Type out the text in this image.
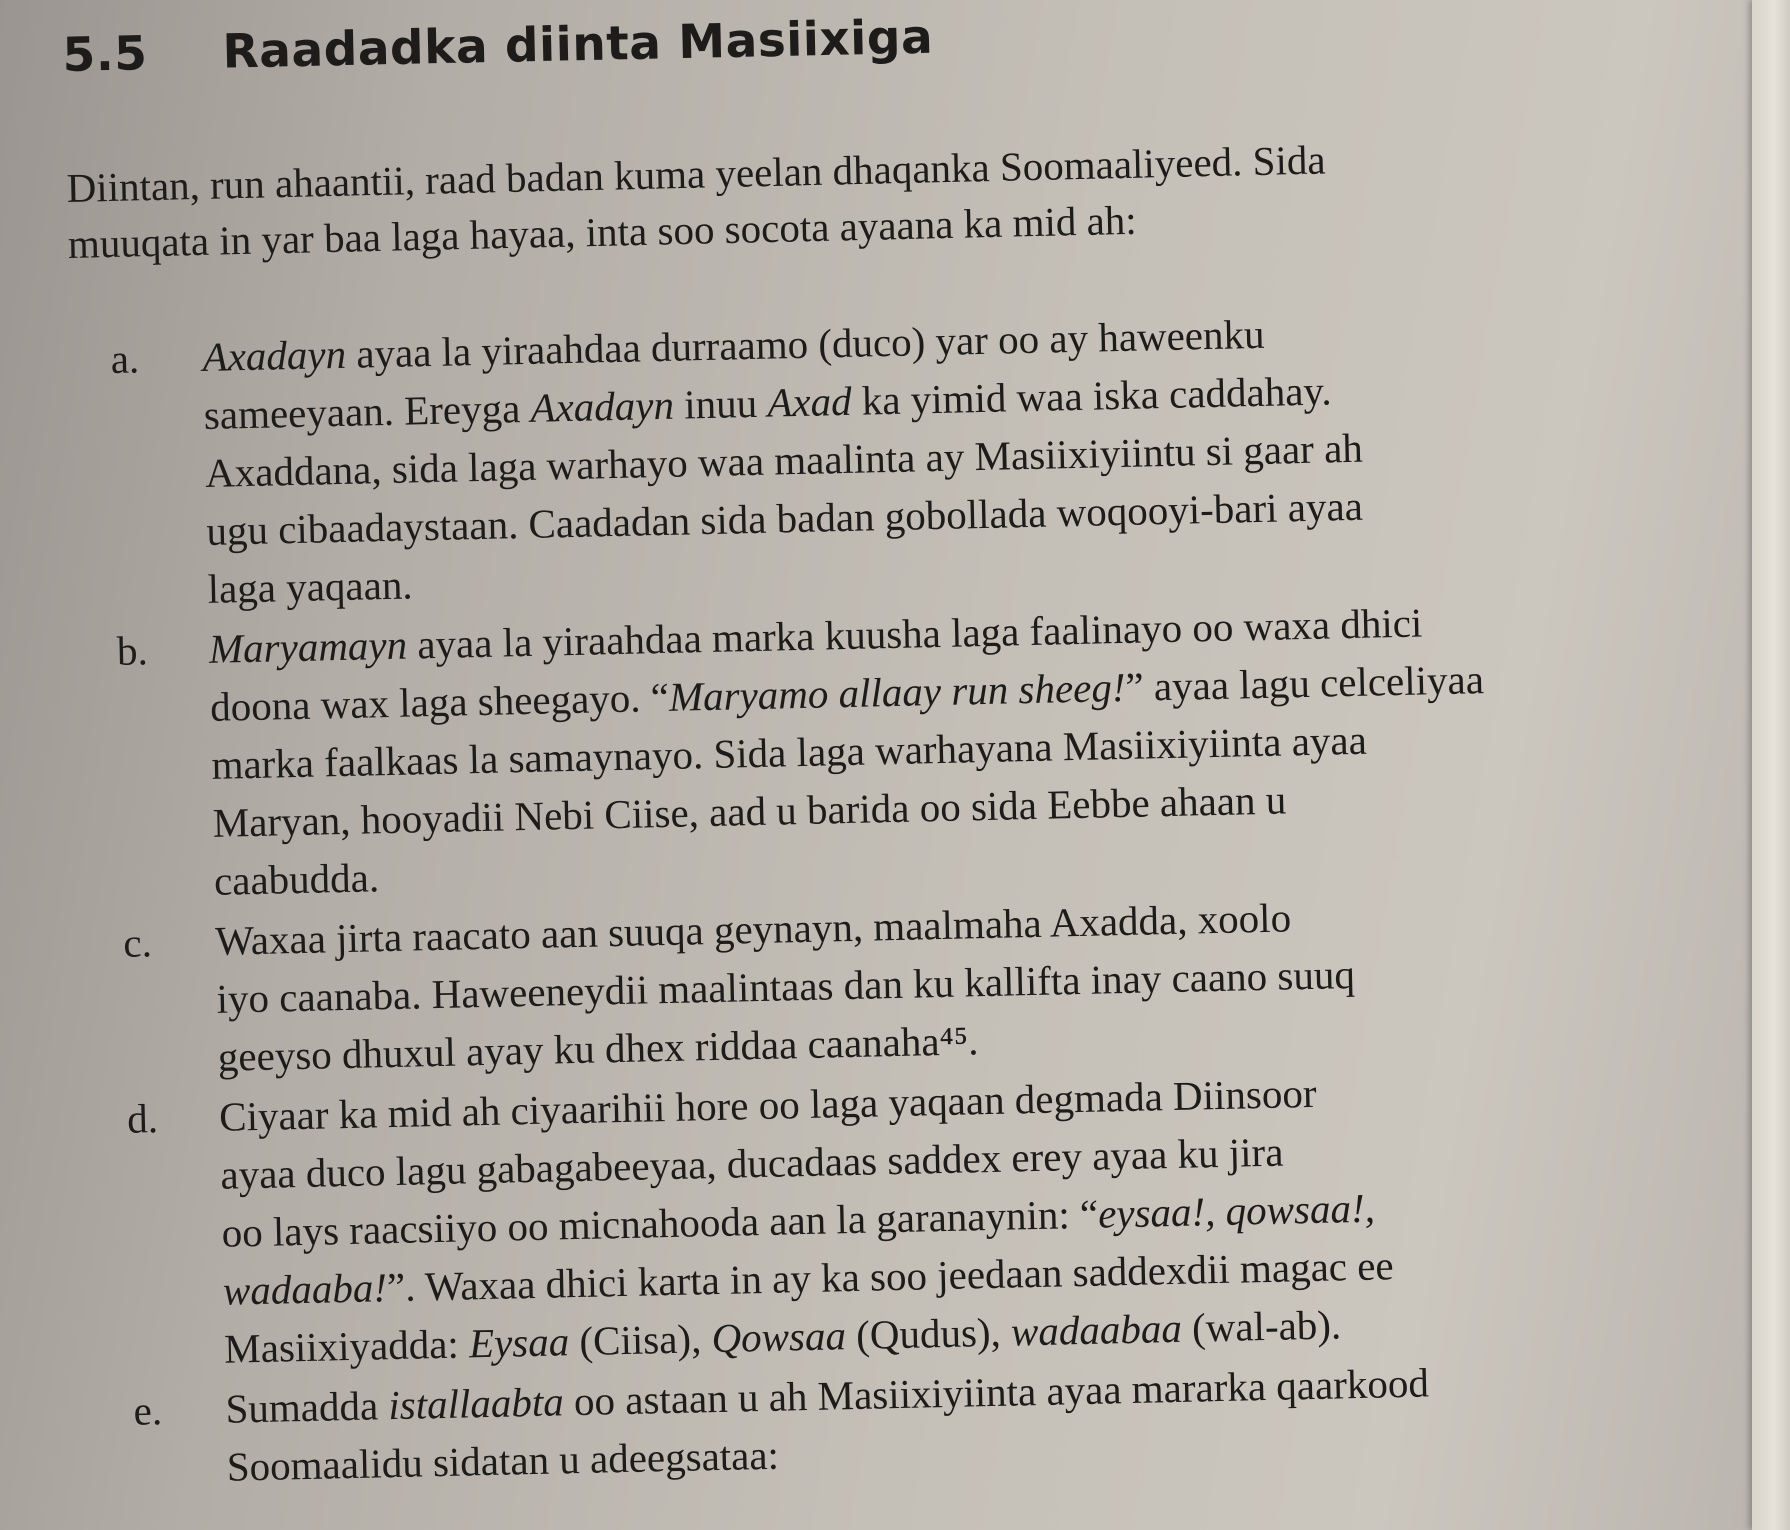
5.5 Raadadka diinta Masiixiga

Diintan, run ahaantii, raad badan kuma yeelan dhaqanka Soomaaliyeed. Sida

muuqata in yar baa laga hayaa, inta soo socota ayaana ka mid ah:

a. Axadayn ayaa la yiraahdaa durraamo (duco) yar oo ay haweenku
sameeyaan. Ereyga Axadayn inuu Axad ka yimid waa iska caddahay.
Axaddana, sida laga warhayo waa maalinta ay Masiixiyiintu si gaar ah
ugu cibaadaystaan. Caadadan sida badan gobollada woqooyi-bari ayaa
laga yaqaan.
b. Maryamayn ayaa la yiraahdaa marka kuusha laga faalinayo oo waxa dhici
doona wax laga sheegayo. “Maryamo allaay run sheeg!” ayaa lagu celceliyaa
marka faalkaas la samaynayo. Sida laga warhayana Masiixiyiinta ayaa
Maryan, hooyadii Nebi Ciise, aad u barida oo sida Eebbe ahaan u
caabudda.
c. Waxaa jirta raacato aan suuqa geynayn, maalmaha Axadda, xoolo
iyo caanaba. Haweeneydii maalintaas dan ku kallifta inay caano suuq
geeyso dhuxul ayay ku dhex riddaa caanaha⁴⁵.
d. Ciyaar ka mid ah ciyaarihii hore oo laga yaqaan degmada Diinsoor
ayaa duco lagu gabagabeeyaa, ducadaas saddex erey ayaa ku jira
oo lays raacsiiyo oo micnahooda aan la garanaynin: “eysaa!, qowsaa!,
wadaaba!”. Waxaa dhici karta in ay ka soo jeedaan saddexdii magac ee
Masiixiyadda: Eysaa (Ciisa), Qowsaa (Qudus), wadaabaa (wal-ab).
e. Sumadda istallaabta oo astaan u ah Masiixiyiinta ayaa mararka qaarkood
Soomaalidu sidatan u adeegsataa:
